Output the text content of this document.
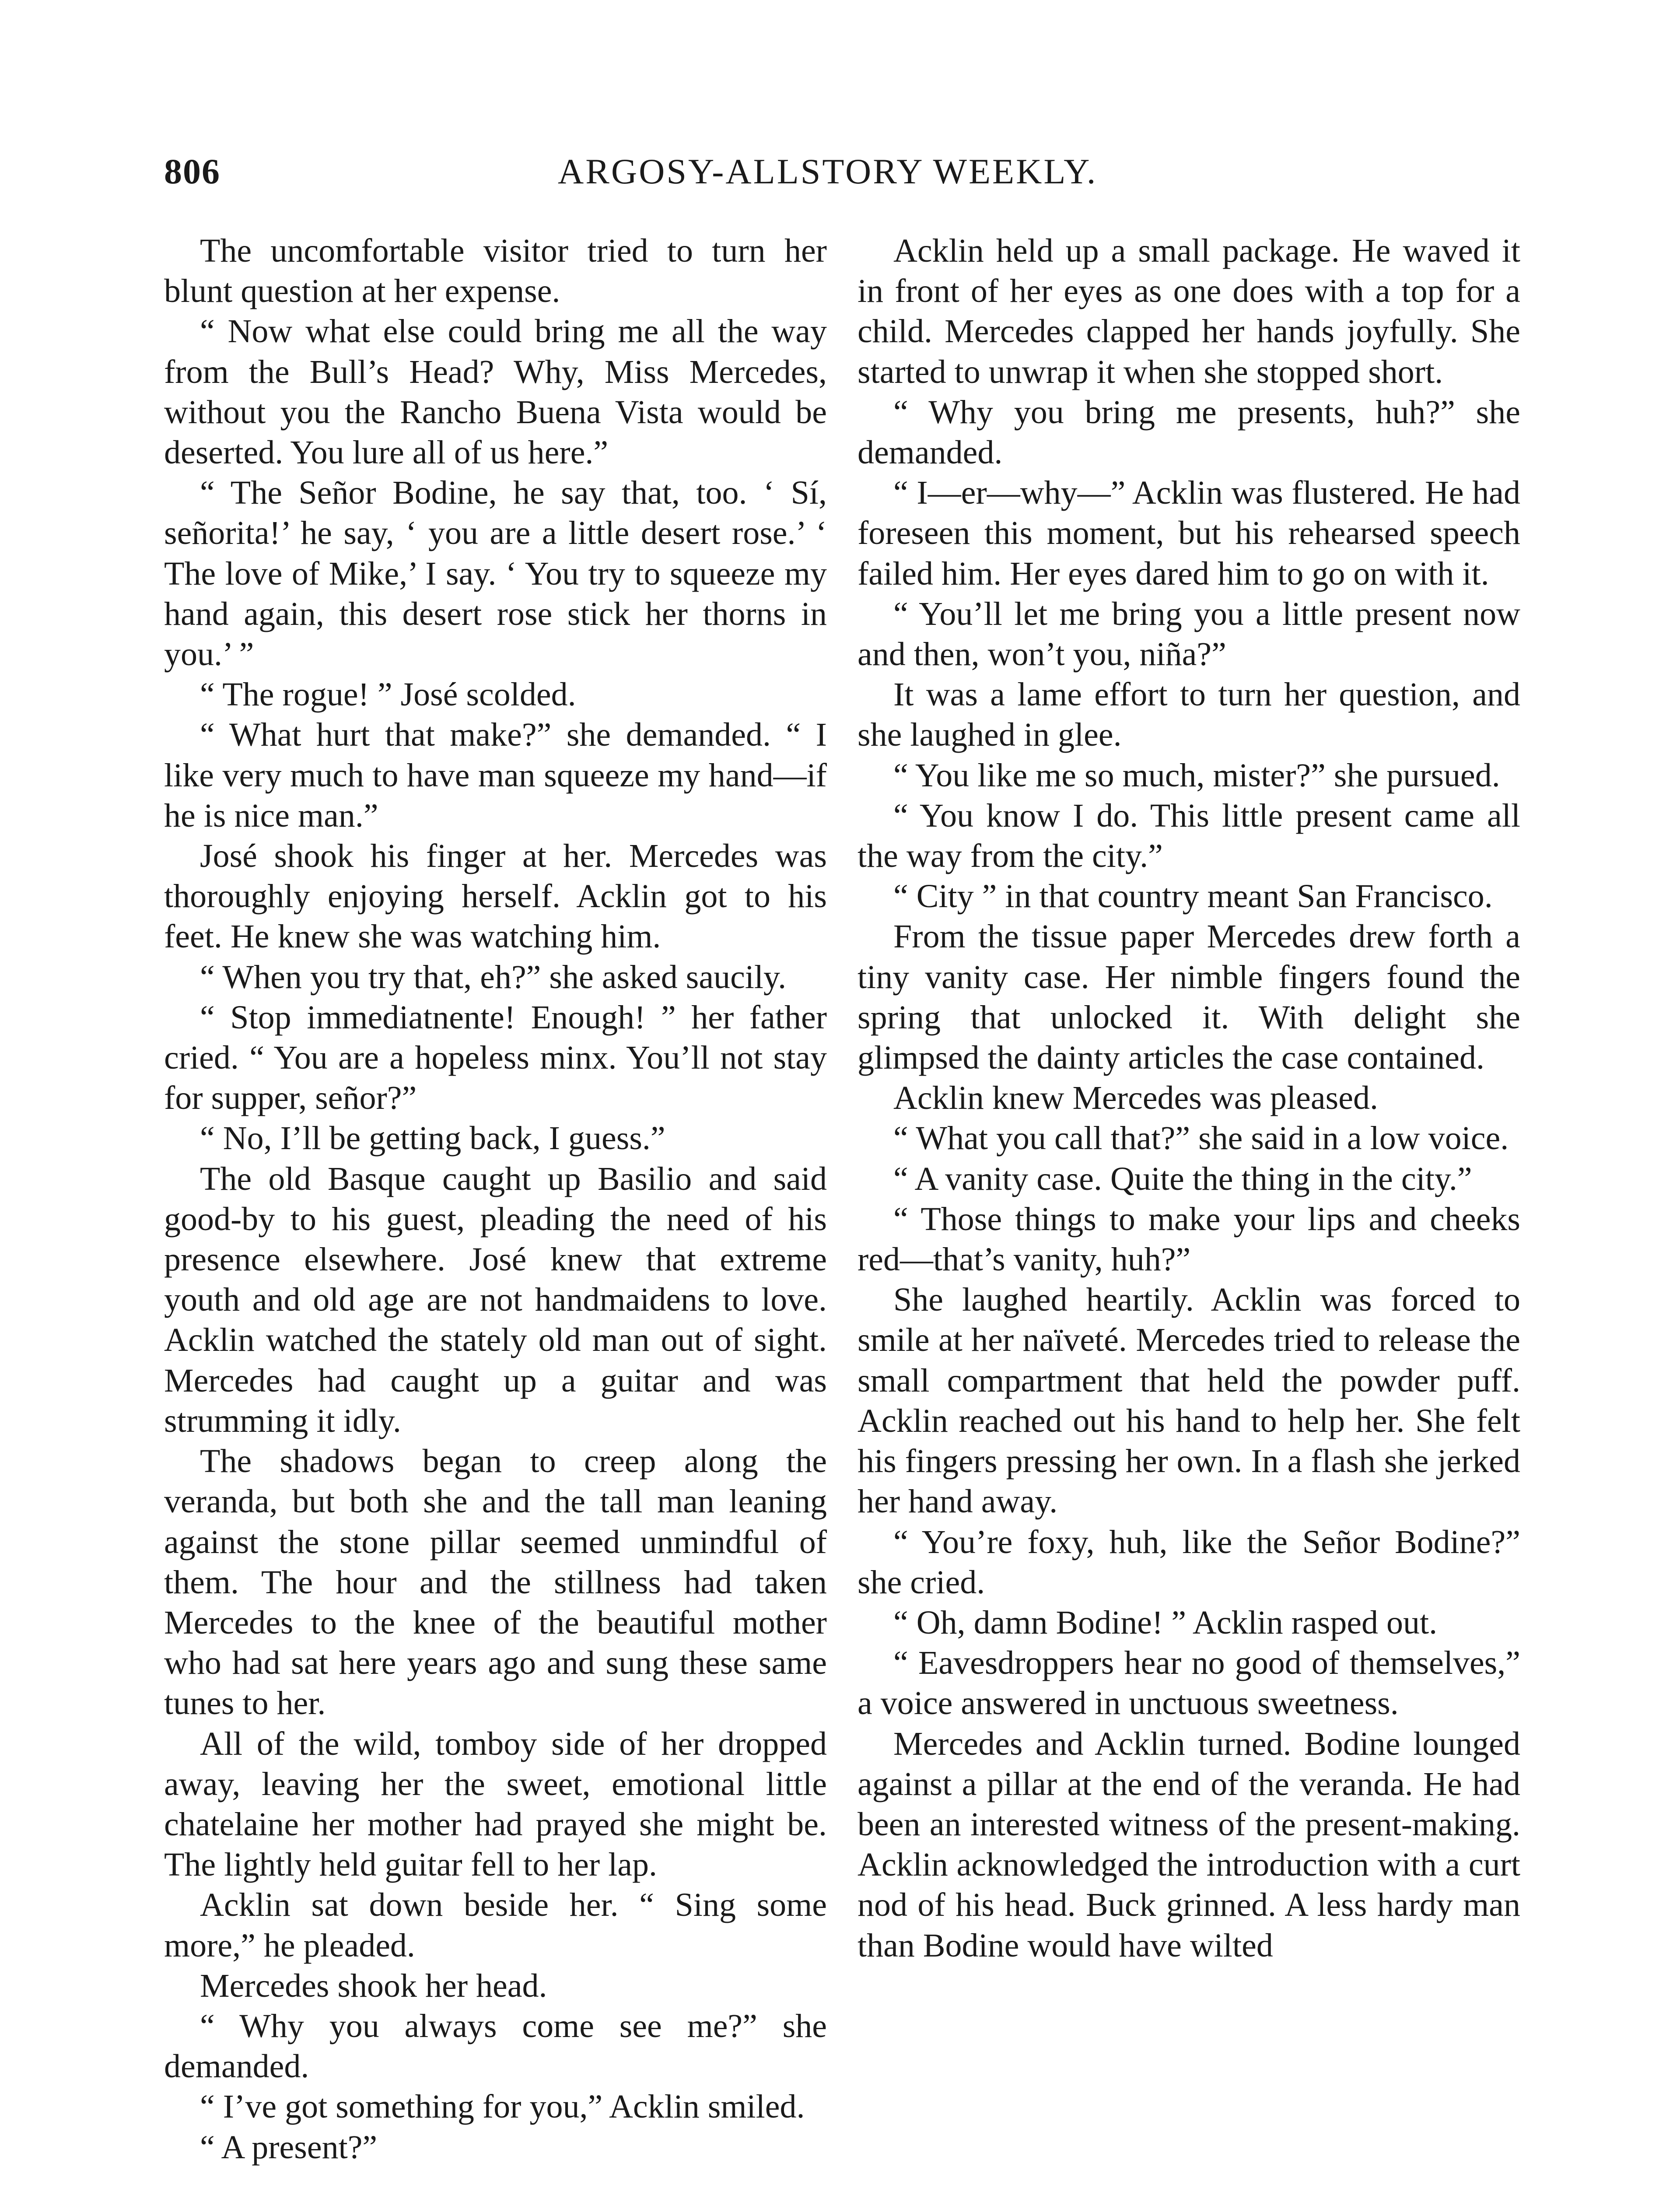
806	ARGOSY-ALLSTORY WEEKLY.

The uncomfortable visitor tried to turn her blunt question at her expense.

“ Now what else could bring me all the way from the Bull’s Head? Why, Miss Mercedes, without you the Rancho Buena Vista would be deserted. You lure all of us here.”

“ The Señor Bodine, he say that, too. ‘ Sí, señorita!’ he say, ‘ you are a little desert rose.’ ‘ The love of Mike,’ I say. ‘ You try to squeeze my hand again, this desert rose stick her thorns in you.’ ”

“ The rogue! ” José scolded.

“ What hurt that make?” she demanded. “ I like very much to have man squeeze my hand—if he is nice man.”

José shook his finger at her. Mercedes was thoroughly enjoying herself. Acklin got to his feet. He knew she was watching him.

“ When you try that, eh?” she asked saucily.

“ Stop immediatnente! Enough! ” her father cried. “ You are a hopeless minx. You’ll not stay for supper, señor?”

“ No, I’ll be getting back, I guess.”

The old Basque caught up Basilio and said good-by to his guest, pleading the need of his presence elsewhere. José knew that extreme youth and old age are not handmaidens to love. Acklin watched the stately old man out of sight. Mercedes had caught up a guitar and was strumming it idly.

The shadows began to creep along the veranda, but both she and the tall man leaning against the stone pillar seemed unmindful of them. The hour and the stillness had taken Mercedes to the knee of the beautiful mother who had sat here years ago and sung these same tunes to her.

All of the wild, tomboy side of her dropped away, leaving her the sweet, emotional little chatelaine her mother had prayed she might be. The lightly held guitar fell to her lap.

Acklin sat down beside her. “ Sing some more,” he pleaded.

Mercedes shook her head.

“ Why you always come see me?” she demanded.

“ I’ve got something for you,” Acklin smiled.

“ A present?”

Acklin held up a small package. He waved it in front of her eyes as one does with a top for a child. Mercedes clapped her hands joyfully. She started to unwrap it when she stopped short.

“ Why you bring me presents, huh?” she demanded.

“ I—er—why—” Acklin was flustered. He had foreseen this moment, but his rehearsed speech failed him. Her eyes dared him to go on with it.

“ You’ll let me bring you a little present now and then, won’t you, niña?”

It was a lame effort to turn her question, and she laughed in glee.

“ You like me so much, mister?” she pursued.

“ You know I do. This little present came all the way from the city.”

“ City ” in that country meant San Francisco.

From the tissue paper Mercedes drew forth a tiny vanity case. Her nimble fingers found the spring that unlocked it. With delight she glimpsed the dainty articles the case contained.

Acklin knew Mercedes was pleased.

“ What you call that?” she said in a low voice.

“ A vanity case. Quite the thing in the city.”

“ Those things to make your lips and cheeks red—that’s vanity, huh?”

She laughed heartily. Acklin was forced to smile at her naïveté. Mercedes tried to release the small compartment that held the powder puff. Acklin reached out his hand to help her. She felt his fingers pressing her own. In a flash she jerked her hand away.

“ You’re foxy, huh, like the Señor Bodine?” she cried.

“ Oh, damn Bodine! ” Acklin rasped out.

“ Eavesdroppers hear no good of themselves,” a voice answered in unctuous sweetness.

Mercedes and Acklin turned. Bodine lounged against a pillar at the end of the veranda. He had been an interested witness of the present-making. Acklin acknowledged the introduction with a curt nod of his head. Buck grinned. A less hardy man than Bodine would have wilted
